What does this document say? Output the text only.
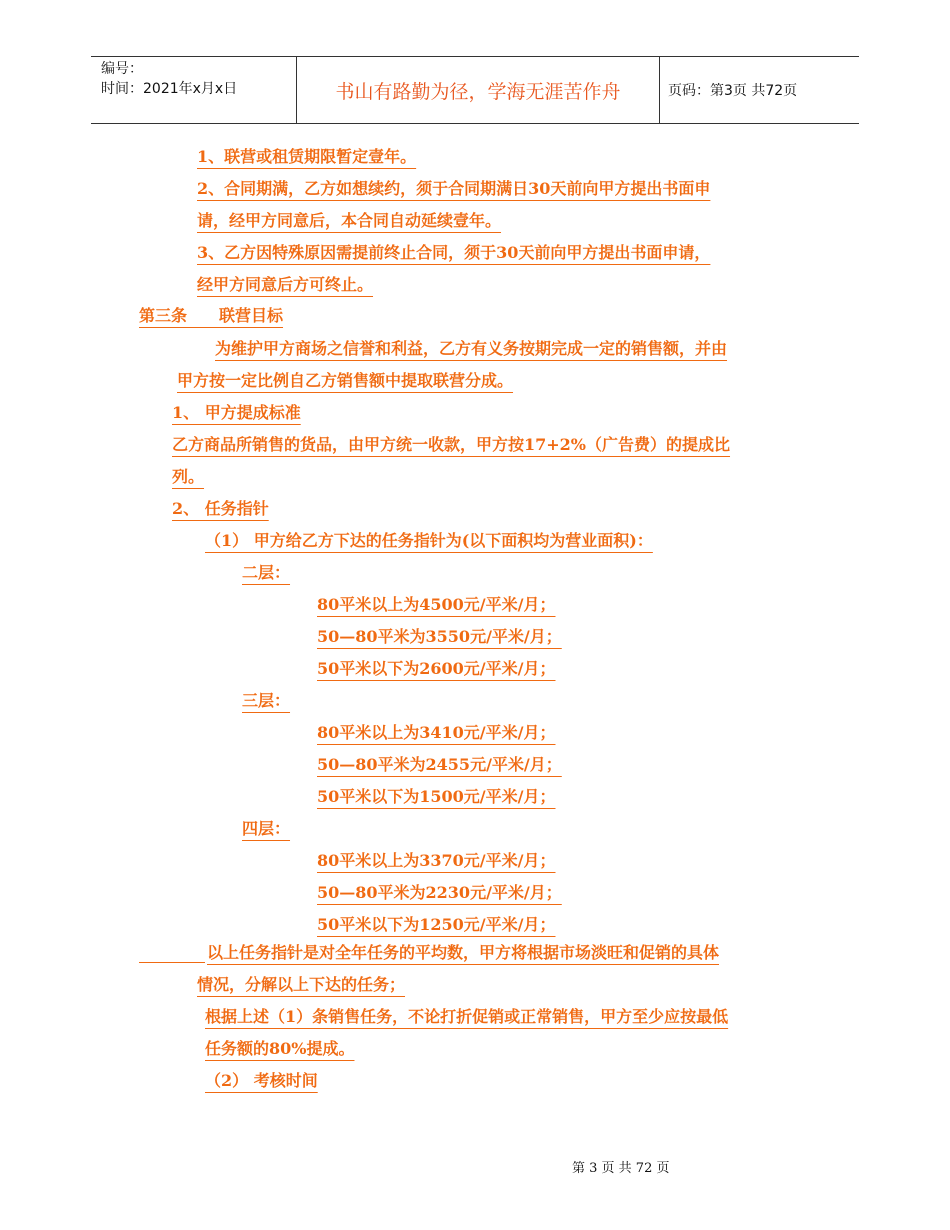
编号：
时间：2021年x月x日	书山有路勤为径，学海无涯苦作舟	页码：第3页 共72页
1、联营或租赁期限暂定壹年。
2、合同期满，乙方如想续约，须于合同期满日30天前向甲方提出书面申
请，经甲方同意后，本合同自动延续壹年。
3、乙方因特殊原因需提前终止合同，须于30天前向甲方提出书面申请，
经甲方同意后方可终止。
第三条　　联营目标
为维护甲方商场之信誉和利益，乙方有义务按期完成一定的销售额，并由
甲方按一定比例自乙方销售额中提取联营分成。
1、 甲方提成标准
乙方商品所销售的货品，由甲方统一收款，甲方按17+2%（广告费）的提成比
列。
2、 任务指针
（1） 甲方给乙方下达的任务指针为(以下面积均为营业面积)：
二层：
80平米以上为4500元/平米/月；
50—80平米为3550元/平米/月；
50平米以下为2600元/平米/月；
三层：
80平米以上为3410元/平米/月；
50—80平米为2455元/平米/月；
50平米以下为1500元/平米/月；
四层：
80平米以上为3370元/平米/月；
50—80平米为2230元/平米/月；
50平米以下为1250元/平米/月；
以上任务指针是对全年任务的平均数，甲方将根据市场淡旺和促销的具体
情况，分解以上下达的任务；
根据上述（1）条销售任务，不论打折促销或正常销售，甲方至少应按最低
任务额的80%提成。
（2） 考核时间
第 3 页 共 72 页
